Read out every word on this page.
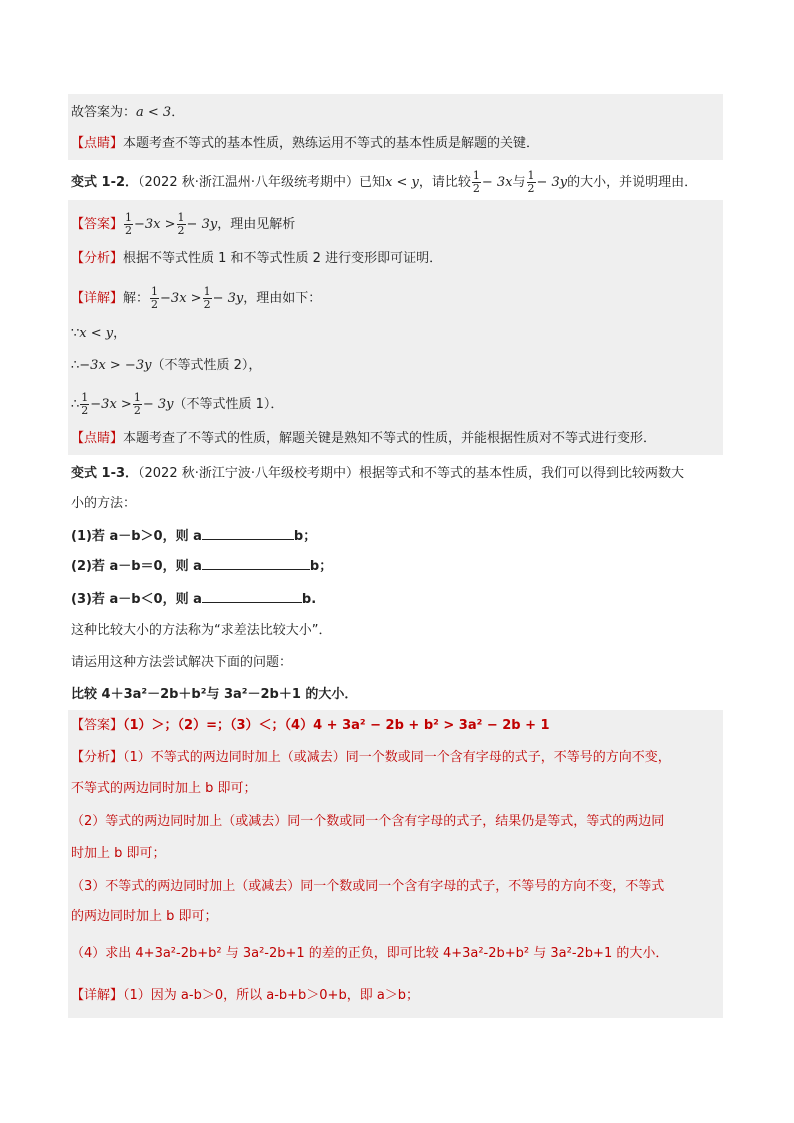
故答案为：a < 3．
【点睛】本题考查不等式的基本性质，熟练运用不等式的基本性质是解题的关键．
变式 1-2．（2022 秋·浙江温州·八年级统考期中）已知x < y，请比较 $\frac{1}{2} - 3x$与 $\frac{1}{2} - 3y$的大小，并说明理由．
【答案】 $\frac{1}{2} -3x > \frac{1}{2} - 3y$，理由见解析
【分析】根据不等式性质 1 和不等式性质 2 进行变形即可证明．
【详解】解： $\frac{1}{2} -3x > \frac{1}{2} - 3y$，理由如下：
∵x < y，
∴−3x > −3y（不等式性质 2），
∴ $\frac{1}{2} -3x > \frac{1}{2} - 3y$（不等式性质 1）．
【点睛】本题考查了不等式的性质，解题关键是熟知不等式的性质，并能根据性质对不等式进行变形．
变式 1-3．（2022 秋·浙江宁波·八年级校考期中）根据等式和不等式的基本性质，我们可以得到比较两数大
小的方法：
(1)若 a－b＞0，则 a	b；
(2)若 a－b＝0，则 a	b；
(3)若 a－b＜0，则 a	b.
这种比较大小的方法称为“求差法比较大小”．
请运用这种方法尝试解决下面的问题：
比较 4＋3a²－2b＋b²与 3a²－2b＋1 的大小．
【答案】（1）＞；（2）=；（3）＜；（4）4 + 3a² − 2b + b² > 3a² − 2b + 1
【分析】（1）不等式的两边同时加上（或减去）同一个数或同一个含有字母的式子，不等号的方向不变，
不等式的两边同时加上 b 即可；
（2）等式的两边同时加上（或减去）同一个数或同一个含有字母的式子，结果仍是等式，等式的两边同
时加上 b 即可；
（3）不等式的两边同时加上（或减去）同一个数或同一个含有字母的式子，不等号的方向不变，不等式
的两边同时加上 b 即可；
（4）求出 4+3a²-2b+b² 与 3a²-2b+1 的差的正负，即可比较 4+3a²-2b+b² 与 3a²-2b+1 的大小．
【详解】（1）因为 a-b＞0，所以 a-b+b＞0+b，即 a＞b；
